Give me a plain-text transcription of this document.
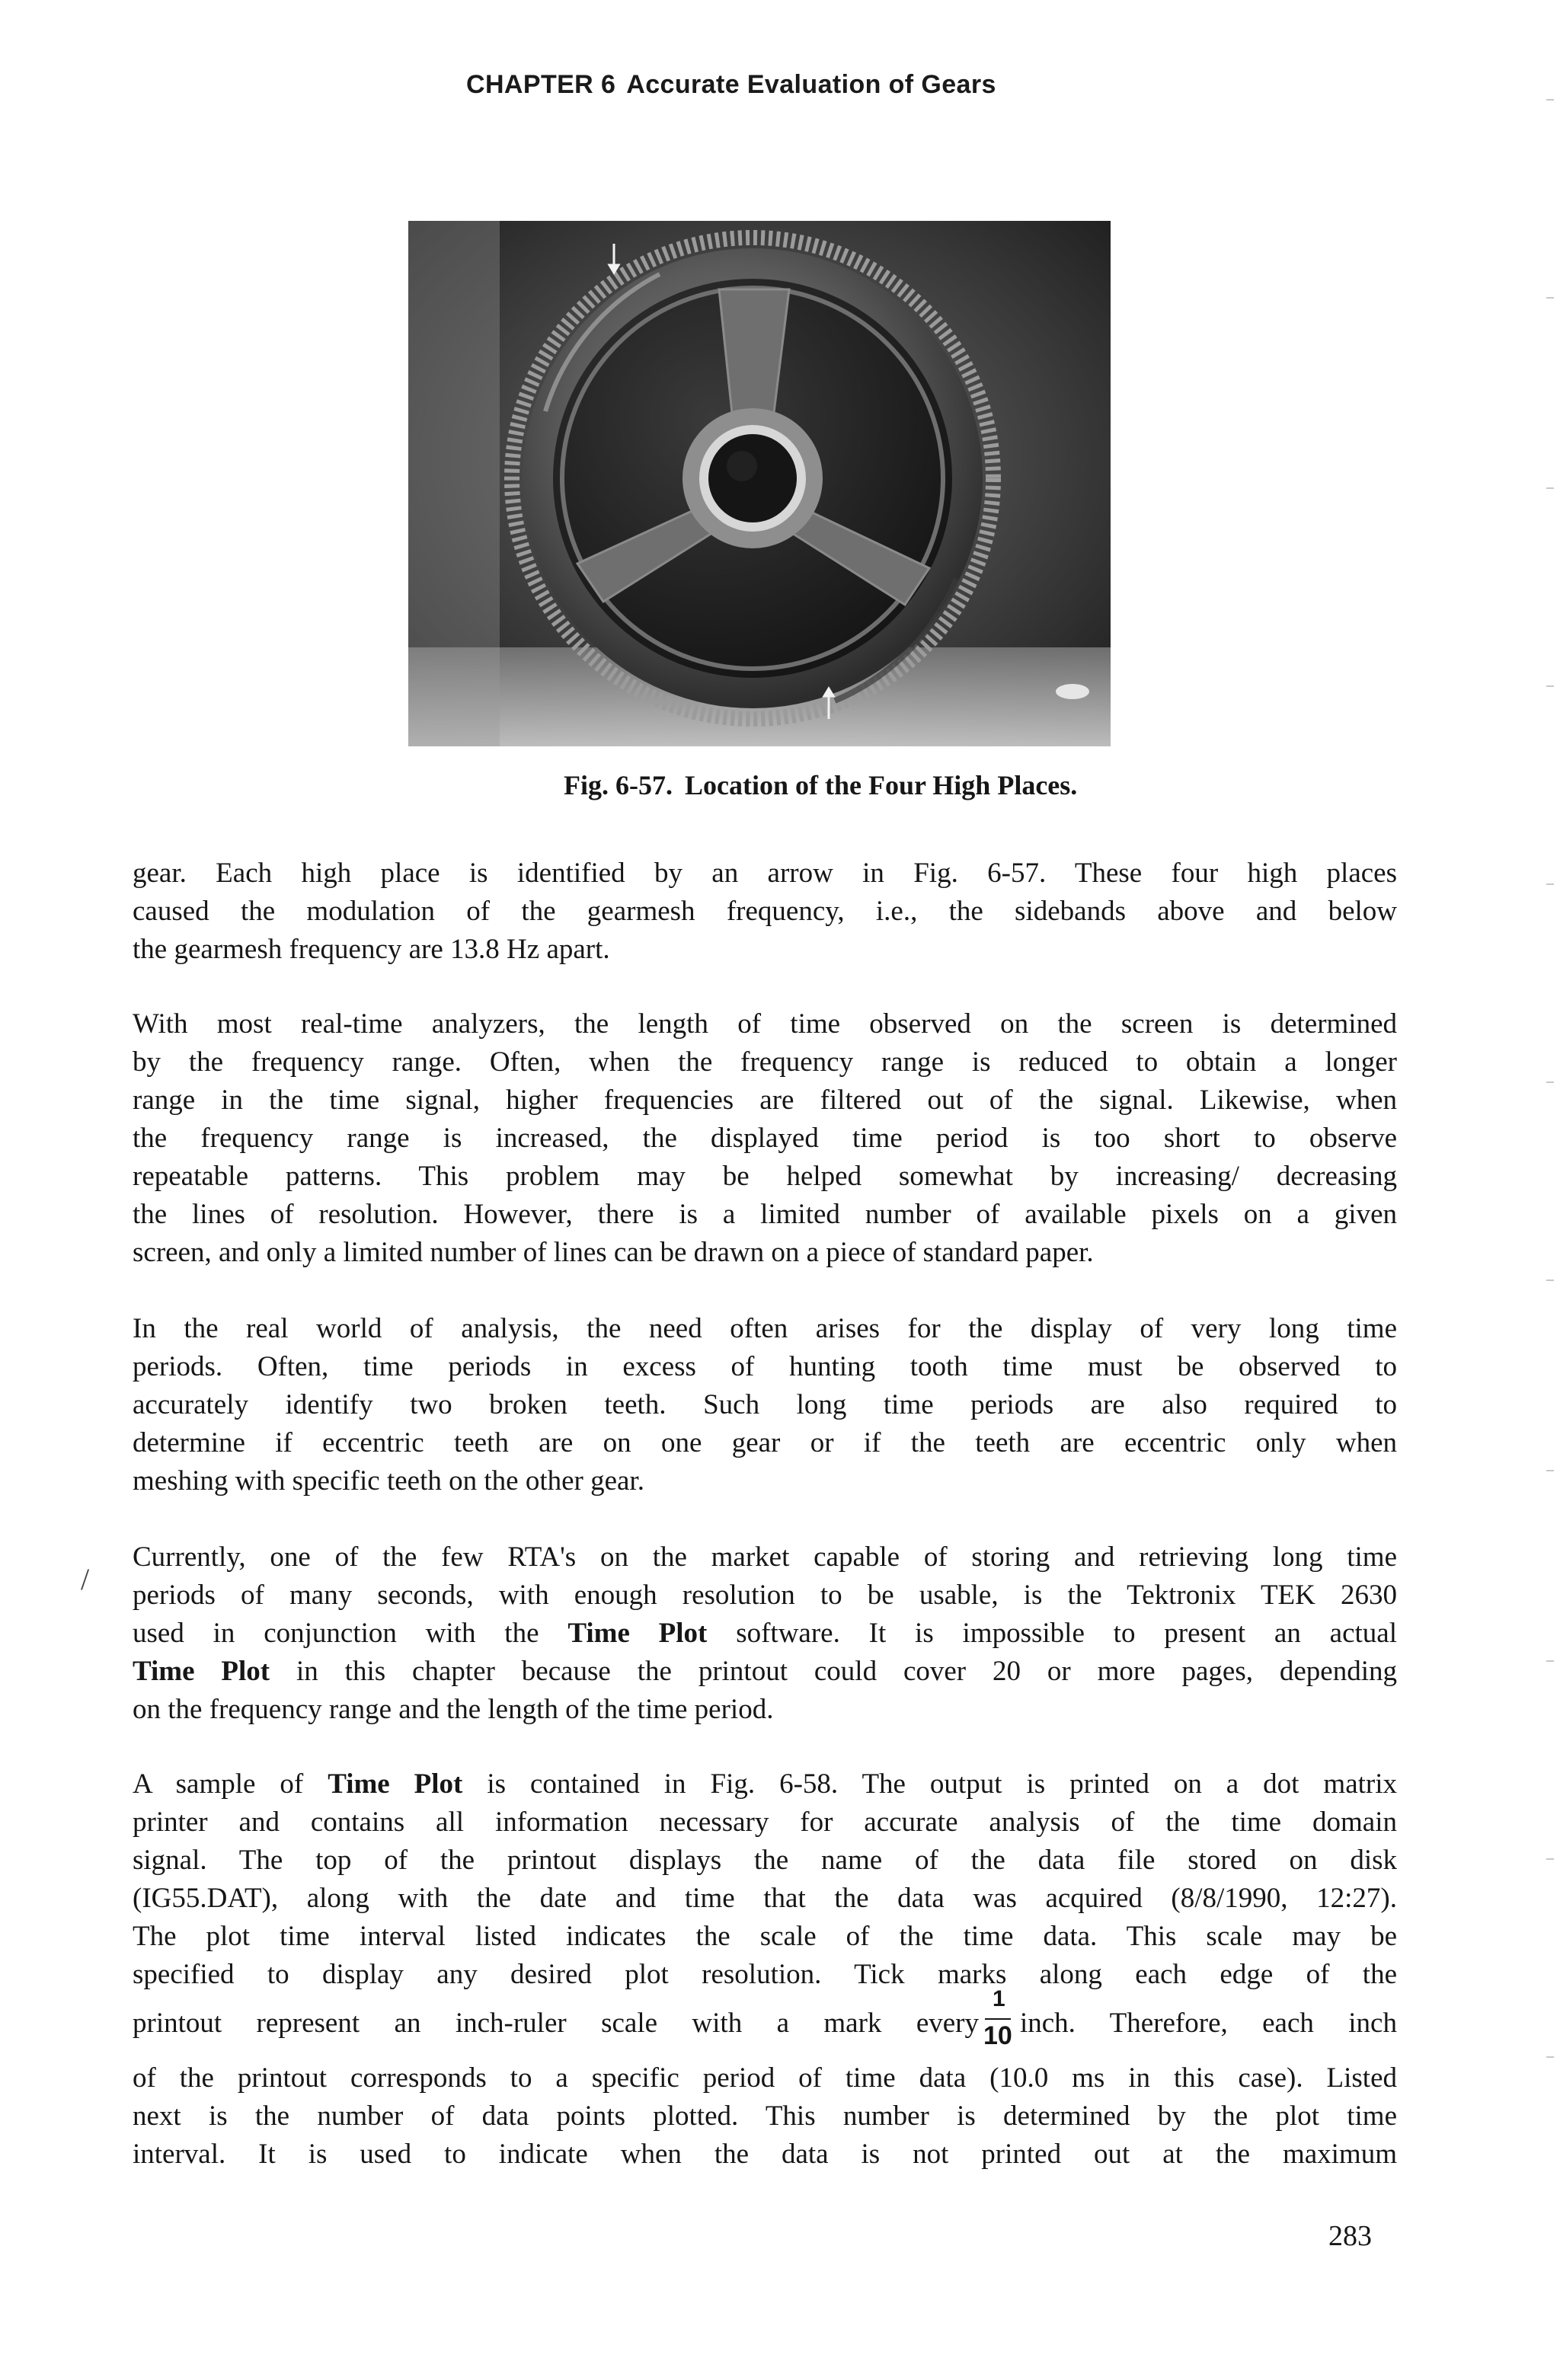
CHAPTER 6 Accurate Evaluation of Gears
Fig. 6-57. Location of the Four High Places.
gear. Each high place is identified by an arrow in Fig. 6-57. These four high places
caused the modulation of the gearmesh frequency, i.e., the sidebands above and below
the gearmesh frequency are 13.8 Hz apart.
With most real-time analyzers, the length of time observed on the screen is determined
by the frequency range. Often, when the frequency range is reduced to obtain a longer
range in the time signal, higher frequencies are filtered out of the signal. Likewise, when
the frequency range is increased, the displayed time period is too short to observe
repeatable patterns. This problem may be helped somewhat by increasing/ decreasing
the lines of resolution. However, there is a limited number of available pixels on a given
screen, and only a limited number of lines can be drawn on a piece of standard paper.
In the real world of analysis, the need often arises for the display of very long time
periods. Often, time periods in excess of hunting tooth time must be observed to
accurately identify two broken teeth. Such long time periods are also required to
determine if eccentric teeth are on one gear or if the teeth are eccentric only when
meshing with specific teeth on the other gear.
/
Currently, one of the few RTA's on the market capable of storing and retrieving long time
periods of many seconds, with enough resolution to be usable, is the Tektronix TEK 2630
used in conjunction with the Time Plot software. It is impossible to present an actual
Time Plot in this chapter because the printout could cover 20 or more pages, depending
on the frequency range and the length of the time period.
A sample of Time Plot is contained in Fig. 6-58. The output is printed on a dot matrix
printer and contains all information necessary for accurate analysis of the time domain
signal. The top of the printout displays the name of the data file stored on disk
(IG55.DAT), along with the date and time that the data was acquired (8/8/1990, 12:27).
The plot time interval listed indicates the scale of the time data. This scale may be
specified to display any desired plot resolution. Tick marks along each edge of the
printout represent an inch-ruler scale with a mark every $\frac{1}{10}$ inch. Therefore, each inch
of the printout corresponds to a specific period of time data (10.0 ms in this case). Listed
next is the number of data points plotted. This number is determined by the plot time
interval. It is used to indicate when the data is not printed out at the maximum
283
